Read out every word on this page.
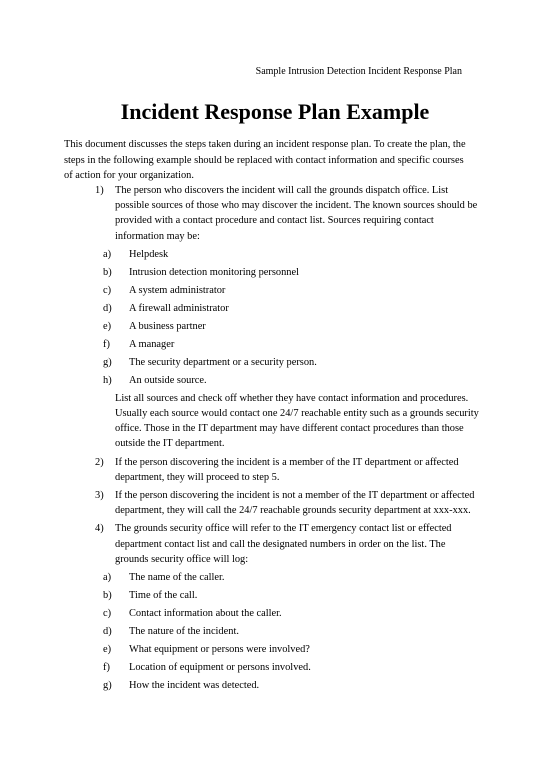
Sample Intrusion Detection Incident Response Plan
Incident Response Plan Example
This document discusses the steps taken during an incident response plan. To create the plan, the steps in the following example should be replaced with contact information and specific courses of action for your organization.
1) The person who discovers the incident will call the grounds dispatch office. List possible sources of those who may discover the incident. The known sources should be provided with a contact procedure and contact list. Sources requiring contact information may be:
a) Helpdesk
b) Intrusion detection monitoring personnel
c) A system administrator
d) A firewall administrator
e) A business partner
f) A manager
g) The security department or a security person.
h) An outside source.
List all sources and check off whether they have contact information and procedures. Usually each source would contact one 24/7 reachable entity such as a grounds security office. Those in the IT department may have different contact procedures than those outside the IT department.
2) If the person discovering the incident is a member of the IT department or affected department, they will proceed to step 5.
3) If the person discovering the incident is not a member of the IT department or affected department, they will call the 24/7 reachable grounds security department at xxx-xxx.
4) The grounds security office will refer to the IT emergency contact list or effected department contact list and call the designated numbers in order on the list. The grounds security office will log:
a) The name of the caller.
b) Time of the call.
c) Contact information about the caller.
d) The nature of the incident.
e) What equipment or persons were involved?
f) Location of equipment or persons involved.
g) How the incident was detected.
